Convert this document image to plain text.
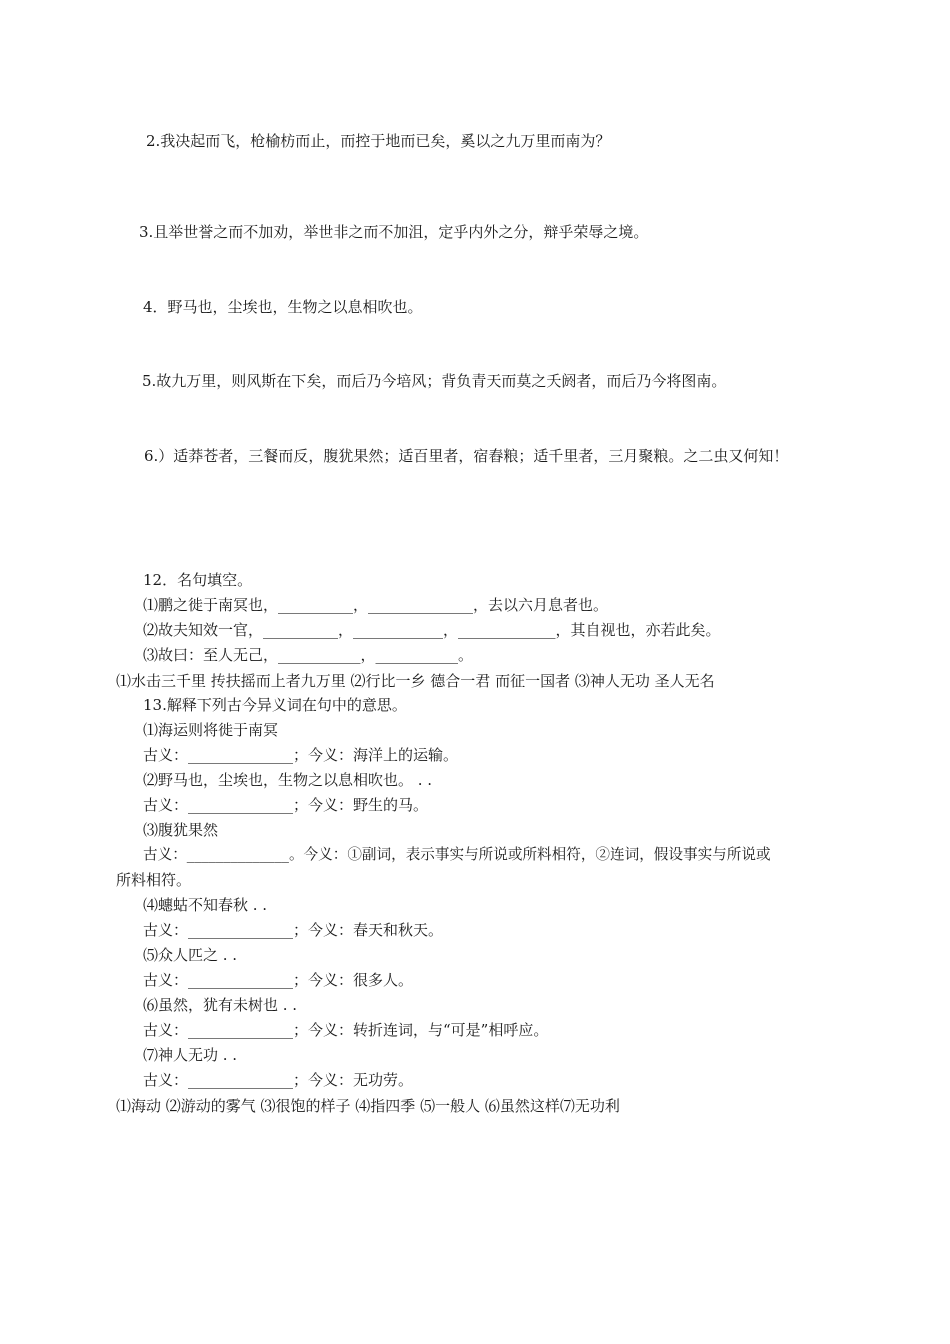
2.我决起而飞，枪榆枋而止，而控于地而已矣，奚以之九万里而南为？
3.且举世誉之而不加劝，举世非之而不加沮，定乎内外之分，辩乎荣辱之境。
4．野马也，尘埃也，生物之以息相吹也。
5.故九万里，则风斯在下矣，而后乃今培风；背负青天而莫之夭阏者，而后乃今将图南。
6.）适莽苍者，三餐而反，腹犹果然；适百里者，宿舂粮；适千里者，三月聚粮。之二虫又何知！
12．名句填空。
⑴鹏之徙于南冥也，__________，______________，去以六月息者也。
⑵故夫知效一官，__________，____________，_____________，其自视也，亦若此矣。
⑶故曰：至人无己，___________，___________。
⑴水击三千里 抟扶摇而上者九万里 ⑵行比一乡 德合一君 而征一国者 ⑶神人无功 圣人无名
13.解释下列古今异义词在句中的意思。
⑴海运则将徙于南冥
古义：______________；今义：海洋上的运输。
⑵野马也，尘埃也，生物之以息相吹也。 . .
古义：______________；今义：野生的马。
⑶腹犹果然
古义：______________。今义：①副词，表示事实与所说或所料相符，②连词，假设事实与所说或
所料相符。
⑷蟪蛄不知春秋 . .
古义：______________；今义：春天和秋天。
⑸众人匹之 . .
古义：______________；今义：很多人。
⑹虽然，犹有未树也 . .
古义：______________；今义：转折连词，与“可是”相呼应。
⑺神人无功 . .
古义：______________；今义：无功劳。
⑴海动 ⑵游动的雾气 ⑶很饱的样子 ⑷指四季 ⑸一般人 ⑹虽然这样⑺无功利
